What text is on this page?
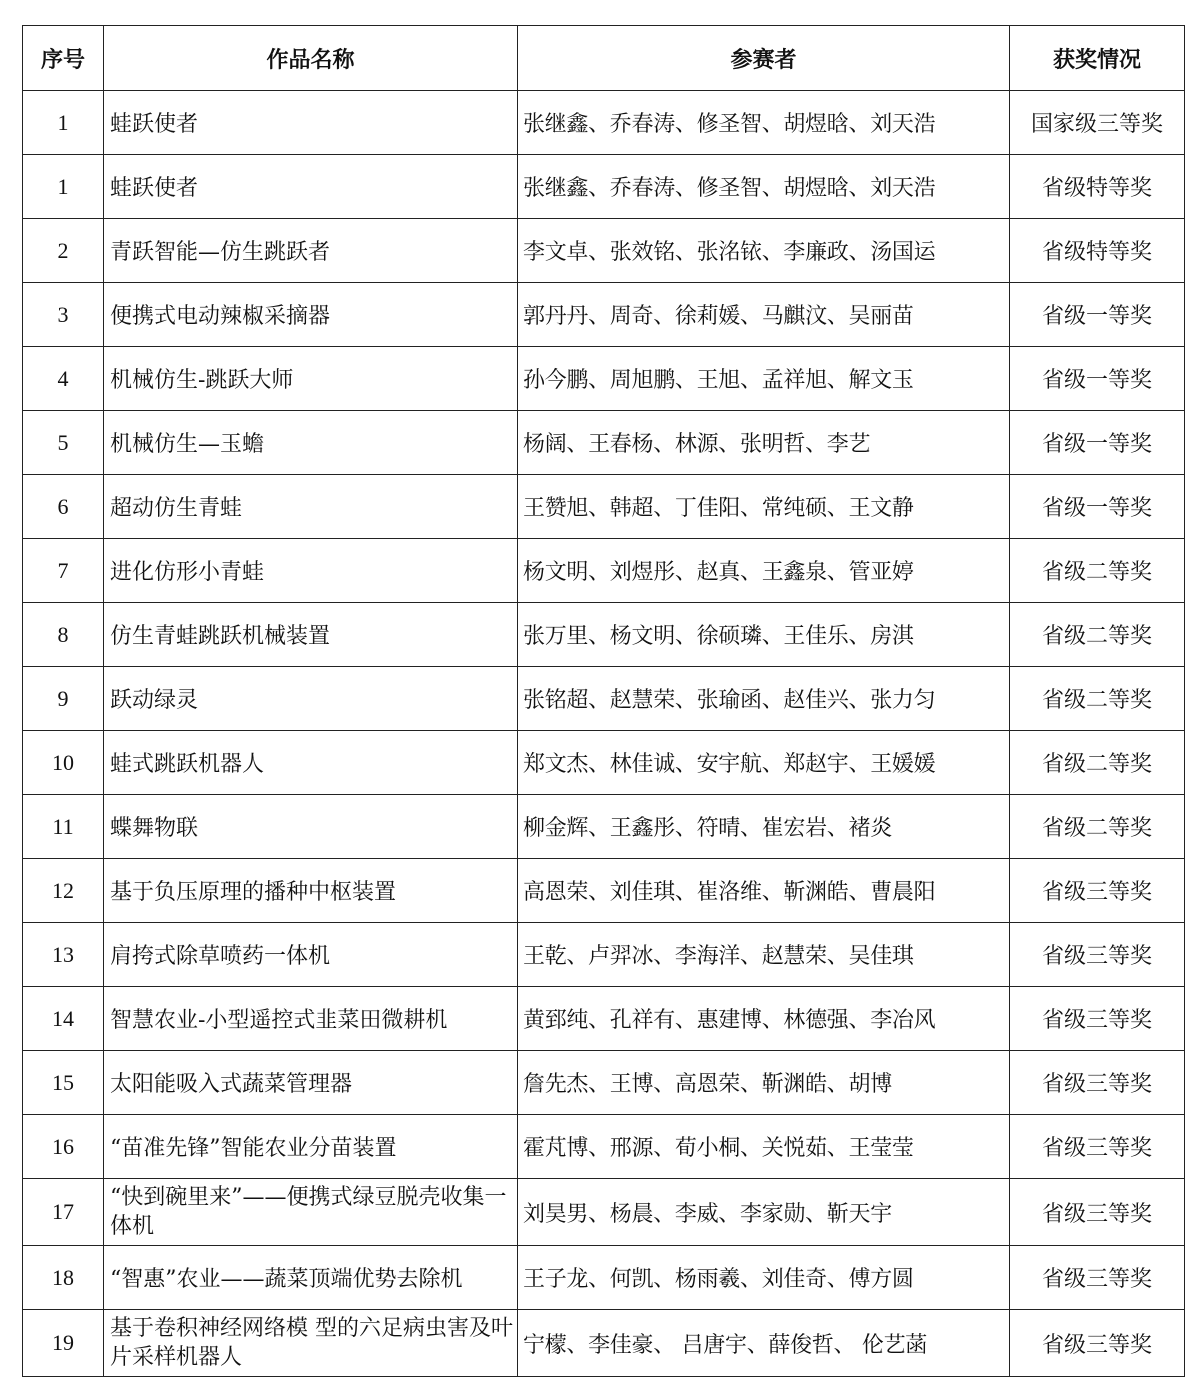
序号	作品名称	参赛者	获奖情况
1	蛙跃使者	张继鑫、乔春涛、修圣智、胡煜晗、刘天浩	国家级三等奖
1	蛙跃使者	张继鑫、乔春涛、修圣智、胡煜晗、刘天浩	省级特等奖
2	青跃智能—仿生跳跃者	李文卓、张效铭、张洺铱、李廉政、汤国运	省级特等奖
3	便携式电动辣椒采摘器	郭丹丹、周奇、徐莉媛、马麒汶、吴丽苗	省级一等奖
4	机械仿生-跳跃大师	孙今鹏、周旭鹏、王旭、孟祥旭、解文玉	省级一等奖
5	机械仿生—玉蟾	杨阔、王春杨、林源、张明哲、李艺	省级一等奖
6	超动仿生青蛙	王赞旭、韩超、丁佳阳、常纯硕、王文静	省级一等奖
7	进化仿形小青蛙	杨文明、刘煜彤、赵真、王鑫泉、管亚婷	省级二等奖
8	仿生青蛙跳跃机械装置	张万里、杨文明、徐硕璘、王佳乐、房淇	省级二等奖
9	跃动绿灵	张铭超、赵慧荣、张瑜函、赵佳兴、张力匀	省级二等奖
10	蛙式跳跃机器人	郑文杰、林佳诚、安宇航、郑赵宇、王媛媛	省级二等奖
11	蝶舞物联	柳金辉、王鑫彤、符晴、崔宏岩、褚炎	省级二等奖
12	基于负压原理的播种中枢装置	高恩荣、刘佳琪、崔洛维、靳渊皓、曹晨阳	省级三等奖
13	肩挎式除草喷药一体机	王乾、卢羿冰、李海洋、赵慧荣、吴佳琪	省级三等奖
14	智慧农业-小型遥控式韭菜田微耕机	黄郅纯、孔祥有、惠建博、林德强、李冶风	省级三等奖
15	太阳能吸入式蔬菜管理器	詹先杰、王博、高恩荣、靳渊皓、胡博	省级三等奖
16	“苗准先锋”智能农业分苗装置	霍芃博、邢源、荀小桐、关悦茹、王莹莹	省级三等奖
17	“快到碗里来”——便携式绿豆脱壳收集一体机	刘昊男、杨晨、李威、李家勋、靳天宇	省级三等奖
18	“智惠”农业——蔬菜顶端优势去除机	王子龙、何凯、杨雨羲、刘佳奇、傅方圆	省级三等奖
19	基于卷积神经网络模 型的六足病虫害及叶 片采样机器人	宁檬、李佳豪、 吕唐宇、薛俊哲、 伦艺菡	省级三等奖
